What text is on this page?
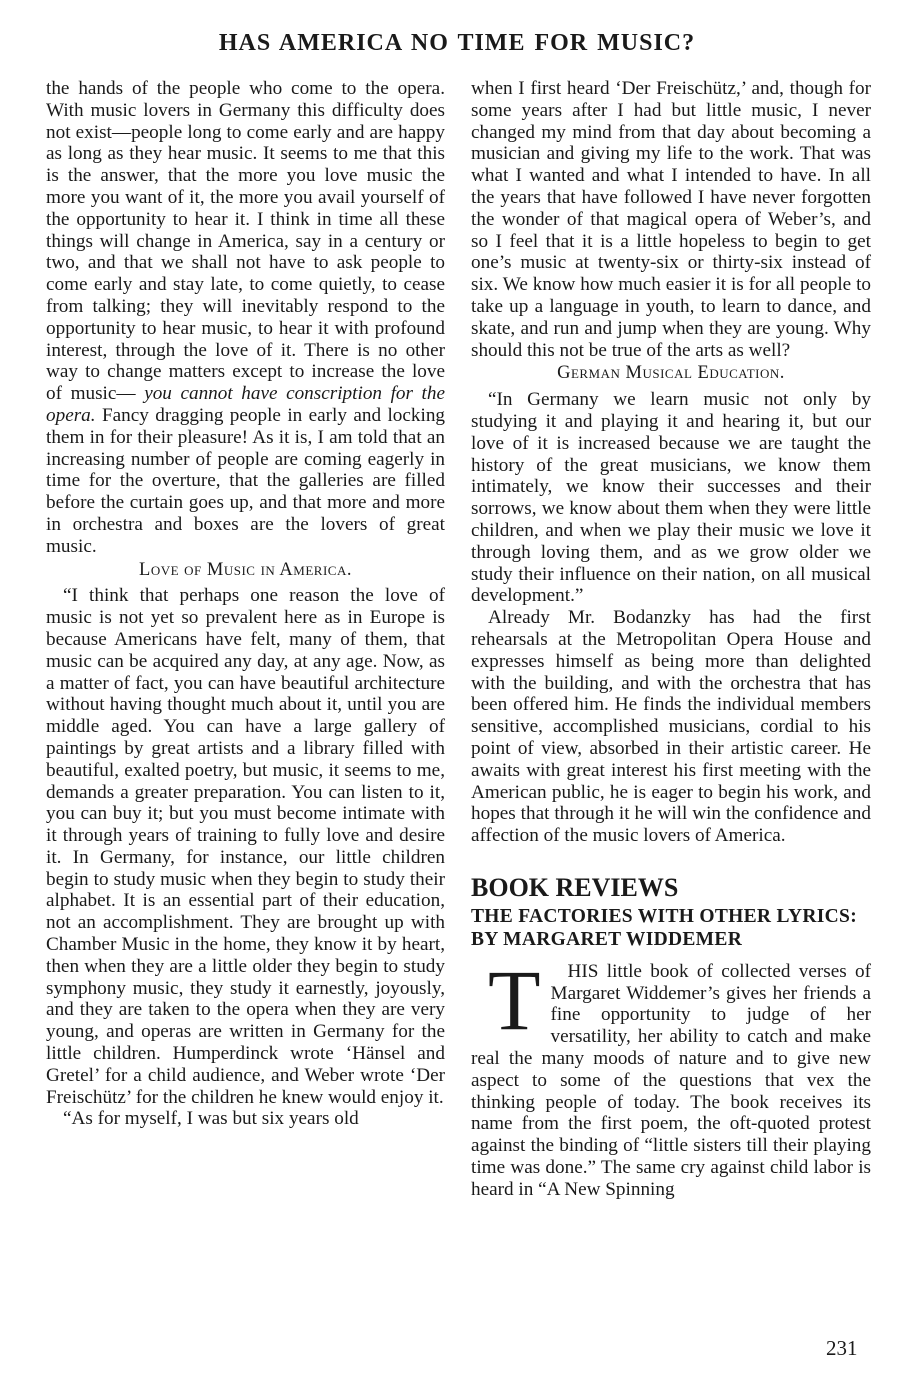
HAS AMERICA NO TIME FOR MUSIC?

the hands of the people who come to the opera. With music lovers in Germany this difficulty does not exist—people long to come early and are happy as long as they hear music. It seems to me that this is the answer, that the more you love music the more you want of it, the more you avail yourself of the opportunity to hear it. I think in time all these things will change in America, say in a century or two, and that we shall not have to ask people to come early and stay late, to come quietly, to cease from talking; they will inevitably respond to the opportunity to hear music, to hear it with profound interest, through the love of it. There is no other way to change matters except to increase the love of music— you cannot have conscription for the opera. Fancy dragging people in early and locking them in for their pleasure! As it is, I am told that an increasing number of people are coming eagerly in time for the overture, that the galleries are filled before the curtain goes up, and that more and more in orchestra and boxes are the lovers of great music.

Love of Music in America.

“I think that perhaps one reason the love of music is not yet so prevalent here as in Europe is because Americans have felt, many of them, that music can be acquired any day, at any age. Now, as a matter of fact, you can have beautiful architecture without having thought much about it, until you are middle aged. You can have a large gallery of paintings by great artists and a library filled with beautiful, exalted poetry, but music, it seems to me, demands a greater preparation. You can listen to it, you can buy it; but you must become intimate with it through years of training to fully love and desire it. In Germany, for instance, our little children begin to study music when they begin to study their alphabet. It is an essential part of their education, not an accomplishment. They are brought up with Chamber Music in the home, they know it by heart, then when they are a little older they begin to study symphony music, they study it earnestly, joyously, and they are taken to the opera when they are very young, and operas are written in Germany for the little children. Humperdinck wrote ‘Hänsel and Gretel’ for a child audience, and Weber wrote ‘Der Freischütz’ for the children he knew would enjoy it.

“As for myself, I was but six years old

when I first heard ‘Der Freischütz,’ and, though for some years after I had but little music, I never changed my mind from that day about becoming a musician and giving my life to the work. That was what I wanted and what I intended to have. In all the years that have followed I have never forgotten the wonder of that magical opera of Weber’s, and so I feel that it is a little hopeless to begin to get one’s music at twenty-six or thirty-six instead of six. We know how much easier it is for all people to take up a language in youth, to learn to dance, and skate, and run and jump when they are young. Why should this not be true of the arts as well?

German Musical Education.

“In Germany we learn music not only by studying it and playing it and hearing it, but our love of it is increased because we are taught the history of the great musicians, we know them intimately, we know their successes and their sorrows, we know about them when they were little children, and when we play their music we love it through loving them, and as we grow older we study their influence on their nation, on all musical development.”

Already Mr. Bodanzky has had the first rehearsals at the Metropolitan Opera House and expresses himself as being more than delighted with the building, and with the orchestra that has been offered him. He finds the individual members sensitive, accomplished musicians, cordial to his point of view, absorbed in their artistic career. He awaits with great interest his first meeting with the American public, he is eager to begin his work, and hopes that through it he will win the confidence and affection of the music lovers of America.

BOOK REVIEWS
THE FACTORIES WITH OTHER LYRICS: BY MARGARET WIDDEMER

T HIS little book of collected verses of Margaret Widdemer’s gives her friends a fine opportunity to judge of her versatility, her ability to catch and make real the many moods of nature and to give new aspect to some of the questions that vex the thinking people of today. The book receives its name from the first poem, the oft-quoted protest against the binding of “little sisters till their playing time was done.” The same cry against child labor is heard in “A New Spinning

231
